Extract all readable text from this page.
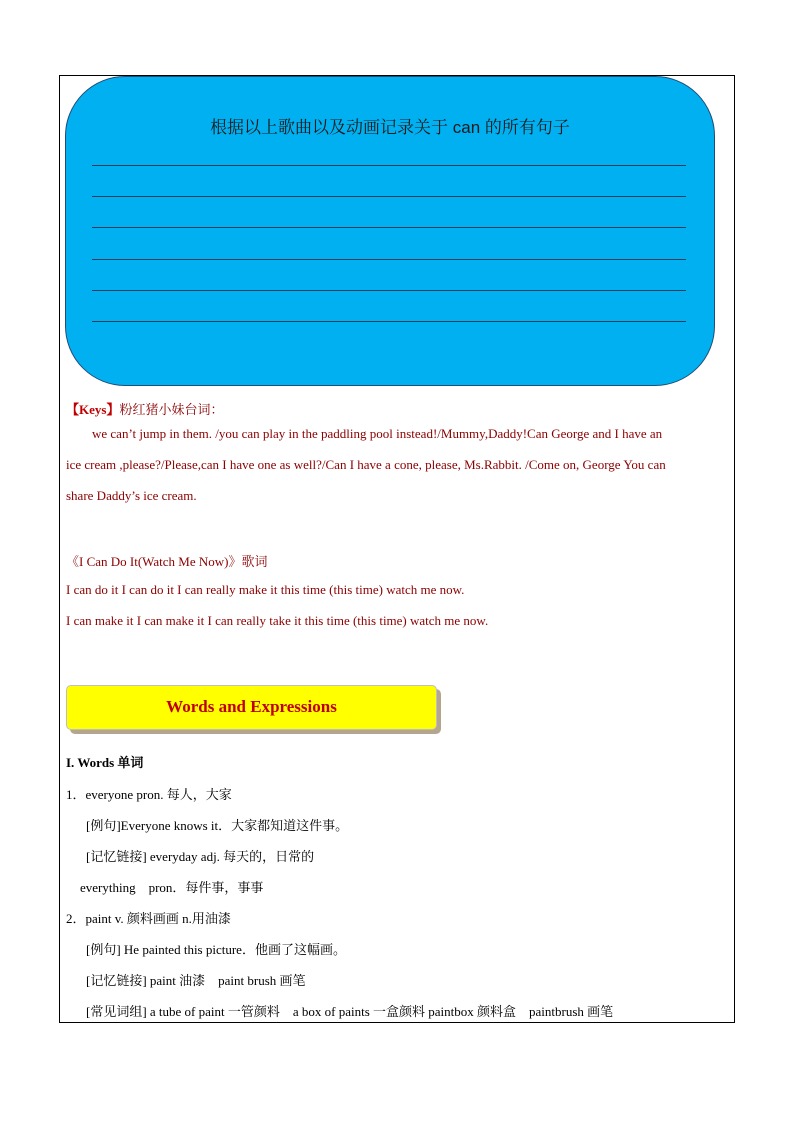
根据以上歌曲以及动画记录关于 can 的所有句子
【Keys】粉红猪小妹台词：
we can’t jump in them. /you can play in the paddling pool instead!/Mummy,Daddy!Can George and I have an
ice cream ,please?/Please,can I have one as well?/Can I have a cone, please, Ms.Rabbit. /Come on, George You can
share Daddy’s ice cream.
《I Can Do It(Watch Me Now)》歌词
I can do it I can do it I can really make it this time (this time) watch me now.
I can make it I can make it I can really take it this time (this time) watch me now.
Words and Expressions
I. Words 单词
1．everyone pron. 每人，大家
[例句]Everyone knows it．大家都知道这件事。
[记忆链接] everyday adj. 每天的，日常的
everything　pron．每件事，事事
2．paint v. 颜料画画 n.用油漆
[例句] He painted this picture．他画了这幅画。
[记忆链接] paint 油漆　paint brush 画笔
[常见词组] a tube of paint 一管颜料　a box of paints 一盒颜料 paintbox 颜料盒　paintbrush 画笔
